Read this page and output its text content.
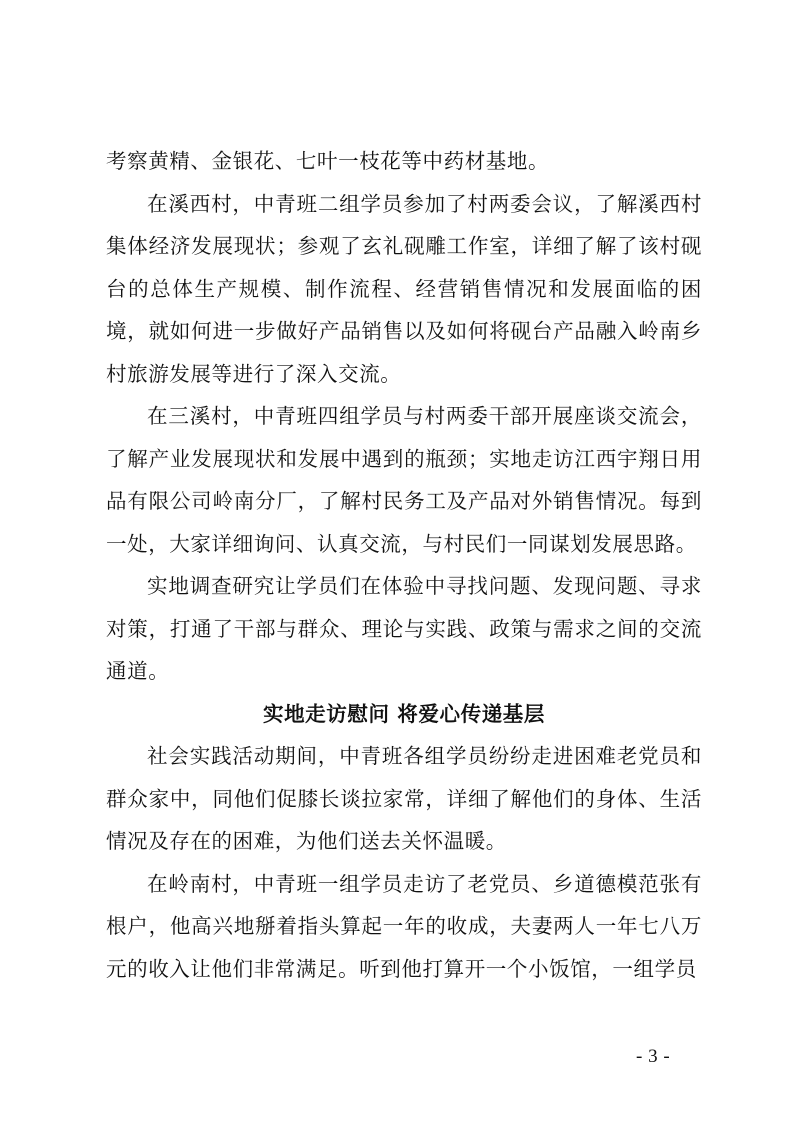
考察黄精、金银花、七叶一枝花等中药材基地。

在溪西村，中青班二组学员参加了村两委会议，了解溪西村集体经济发展现状；参观了玄礼砚雕工作室，详细了解了该村砚台的总体生产规模、制作流程、经营销售情况和发展面临的困境，就如何进一步做好产品销售以及如何将砚台产品融入岭南乡村旅游发展等进行了深入交流。

在三溪村，中青班四组学员与村两委干部开展座谈交流会，了解产业发展现状和发展中遇到的瓶颈；实地走访江西宇翔日用品有限公司岭南分厂，了解村民务工及产品对外销售情况。每到一处，大家详细询问、认真交流，与村民们一同谋划发展思路。

实地调查研究让学员们在体验中寻找问题、发现问题、寻求对策，打通了干部与群众、理论与实践、政策与需求之间的交流通道。

实地走访慰问 将爱心传递基层

社会实践活动期间，中青班各组学员纷纷走进困难老党员和群众家中，同他们促膝长谈拉家常，详细了解他们的身体、生活情况及存在的困难，为他们送去关怀温暖。

在岭南村，中青班一组学员走访了老党员、乡道德模范张有根户，他高兴地掰着指头算起一年的收成，夫妻两人一年七八万元的收入让他们非常满足。听到他打算开一个小饭馆，一组学员

- 3 -
